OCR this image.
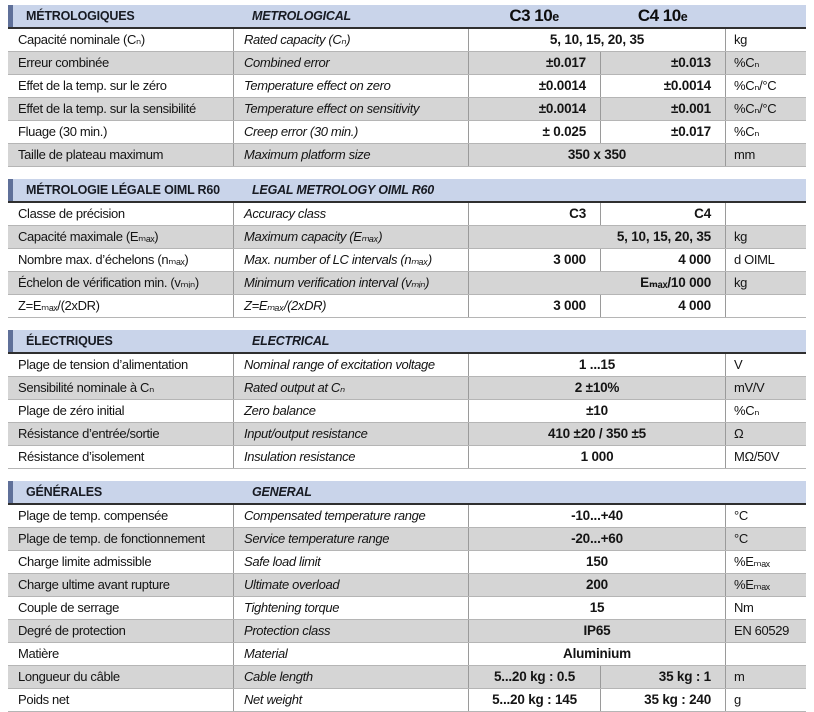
MÉTROLOGIQUES	METROLOGICAL	C3 10e	C4 10e
Capacité nominale (Cₙ)	Rated capacity (Cₙ)	5, 10, 15, 20, 35	kg
Erreur combinée	Combined error	±0.017	±0.013	%Cₙ
Effet de la temp. sur le zéro	Temperature effect on zero	±0.0014	±0.0014	%Cₙ/°C
Effet de la temp. sur la sensibilité	Temperature effect on sensitivity	±0.0014	±0.001	%Cₙ/°C
Fluage (30 min.)	Creep error (30 min.)	± 0.025	±0.017	%Cₙ
Taille de plateau maximum	Maximum platform size	350 x 350	mm
MÉTROLOGIE LÉGALE OIML R60	LEGAL METROLOGY OIML R60
Classe de précision	Accuracy class	C3	C4
Capacité maximale (Eₘₐₓ)	Maximum capacity (Eₘₐₓ)	5, 10, 15, 20, 35	kg
Nombre max. d’échelons (nₘₐₓ)	Max. number of LC intervals (nₘₐₓ)	3 000	4 000	d OIML
Échelon de vérification min. (vₘᵢₙ)	Minimum verification interval (vₘᵢₙ)	Eₘₐₓ/10 000	kg
Z=Eₘₐₓ/(2xDR)	Z=Eₘₐₓ/(2xDR)	3 000	4 000
ÉLECTRIQUES	ELECTRICAL
Plage de tension d’alimentation	Nominal range of excitation voltage	1 ...15	V
Sensibilité nominale à Cₙ	Rated output at Cₙ	2 ±10%	mV/V
Plage de zéro initial	Zero balance	±10	%Cₙ
Résistance d’entrée/sortie	Input/output resistance	410 ±20 / 350 ±5	Ω
Résistance d’isolement	Insulation resistance	1 000	MΩ/50V
GÉNÉRALES	GENERAL
Plage de temp. compensée	Compensated temperature range	-10...+40	°C
Plage de temp. de fonctionnement	Service temperature range	-20...+60	°C
Charge limite admissible	Safe load limit	150	%Eₘₐₓ
Charge ultime avant rupture	Ultimate overload	200	%Eₘₐₓ
Couple de serrage	Tightening torque	15	Nm
Degré de protection	Protection class	IP65	EN 60529
Matière	Material	Aluminium
Longueur du câble	Cable length	5...20 kg : 0.5	35 kg : 1	m
Poids net	Net weight	5...20 kg : 145	35 kg : 240	g
